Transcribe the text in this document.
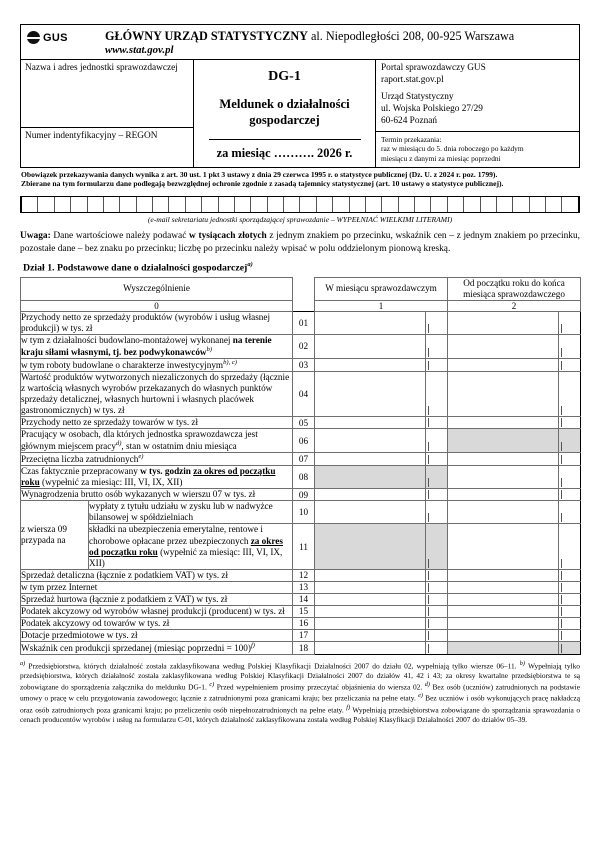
GUS	GŁÓWNY URZĄD STATYSTYCZNY al. Niepodległości 208, 00-925 Warszawa
www.stat.gov.pl
Nazwa i adres jednostki sprawozdawczej
Numer indentyfikacyjny – REGON
DG-1
Meldunek o działalności gospodarczej
za miesiąc ………. 2026 r.
Portal sprawozdawczy GUS
raport.stat.gov.pl
Urząd Statystyczny
ul. Wojska Polskiego 27/29
60-624 Poznań
Termin przekazania:
raz w miesiącu do 5. dnia roboczego po każdym
miesiącu z danymi za miesiąc poprzedni
Obowiązek przekazywania danych wynika z art. 30 ust. 1 pkt 3 ustawy z dnia 29 czerwca 1995 r. o statystyce publicznej (Dz. U. z 2024 r. poz. 1799).
Zbierane na tym formularzu dane podlegają bezwzględnej ochronie zgodnie z zasadą tajemnicy statystycznej (art. 10 ustawy o statystyce publicznej).
(e-mail sekretariatu jednostki sporządzającej sprawozdanie – WYPEŁNIAĆ WIELKIMI LITERAMI)
Uwaga: Dane wartościowe należy podawać w tysiącach złotych z jednym znakiem po przecinku, wskaźnik cen – z jednym znakiem po przecinku, pozostałe dane – bez znaku po przecinku; liczbę po przecinku należy wpisać w polu oddzielonym pionową kreską.
Dział 1. Podstawowe dane o działalności gospodarczej$^{a)}$
Wyszczególnienie			W miesiącu sprawozdawczym		Od początku roku do końca
miesiąca sprawozdawczego	
0			1		2	
Przychody netto ze sprzedaży produktów (wyrobów i usług własnej produkcji) w tys. zł		01		

w tym z działalności budowlano-montażowej wykonanej na terenie kraju siłami własnymi, tj. bez podwykonawców$^{b)}$		02		

w tym roboty budowlane o charakterze inwestycyjnym$^{b), c)}$		03		

Wartość produktów wytworzonych niezaliczonych do sprzedaży (łącznie z wartością własnych wyrobów przekazanych do własnych punktów sprzedaży detalicznej, własnych hurtowni i własnych placówek gastronomicznych) w tys. zł		04		

Przychody netto ze sprzedaży towarów w tys. zł		05		

Pracujący w osobach, dla których jednostka sprawozdawcza jest głównym miejscem pracy$^{d)}$, stan w ostatnim dniu miesiąca		06		

Przeciętna liczba zatrudnionych$^{e)}$		07		

Czas faktycznie przepracowany w tys. godzin za okres od początku roku (wypełnić za miesiąc: III, VI, IX, XII)		08		

Wynagrodzenia brutto osób wykazanych w wierszu 07 w tys. zł		09		

z wiersza 09
przypada na	wypłaty z tytułu udziału w zysku lub w nadwyżce bilansowej w spółdzielniach	10		

	składki na ubezpieczenia emerytalne, rentowe i chorobowe opłacane przez ubezpieczonych za okres od początku roku (wypełnić za miesiąc: III, VI, IX, XII)	11		

Sprzedaż detaliczna (łącznie z podatkiem VAT) w tys. zł		12		

w tym przez Internet		13		

Sprzedaż hurtowa (łącznie z podatkiem z VAT) w tys. zł		14		

Podatek akcyzowy od wyrobów własnej produkcji (producent) w tys. zł		15		

Podatek akcyzowy od towarów w tys. zł		16		

Dotacje przedmiotowe w tys. zł		17		

Wskaźnik cen produkcji sprzedanej (miesiąc poprzedni = 100)$^{f)}$		18		

$^{a)}$ Przedsiębiorstwa, których działalność została zaklasyfikowana według Polskiej Klasyfikacji Działalności 2007 do działu 02, wypełniają tylko wiersze 06–11. $^{b)}$ Wypełniają tylko przedsiębiorstwa, których działalność została zaklasyfikowana według Polskiej Klasyfikacji Działalności 2007 do działów 41, 42 i 43; za okresy kwartalne przedsiębiorstwa te są zobowiązane do sporządzenia załącznika do meldunku DG-1. $^{c)}$ Przed wypełnieniem prosimy przeczytać objaśnienia do wiersza 02. $^{d)}$ Bez osób (uczniów) zatrudnionych na podstawie umowy o pracę w celu przygotowania zawodowego; łącznie z zatrudnionymi poza granicami kraju; bez przeliczania na pełne etaty. $^{e)}$ Bez uczniów i osób wykonujących pracę nakładczą oraz osób zatrudnionych poza granicami kraju; po przeliczeniu osób niepełnozatrudnionych na pełne etaty. $^{f)}$ Wypełniają przedsiębiorstwa zobowiązane do sporządzania sprawozdania o cenach producentów wyrobów i usług na formularzu C-01, których działalność zaklasyfikowana została według Polskiej Klasyfikacji Działalności 2007 do działów 05–39.
